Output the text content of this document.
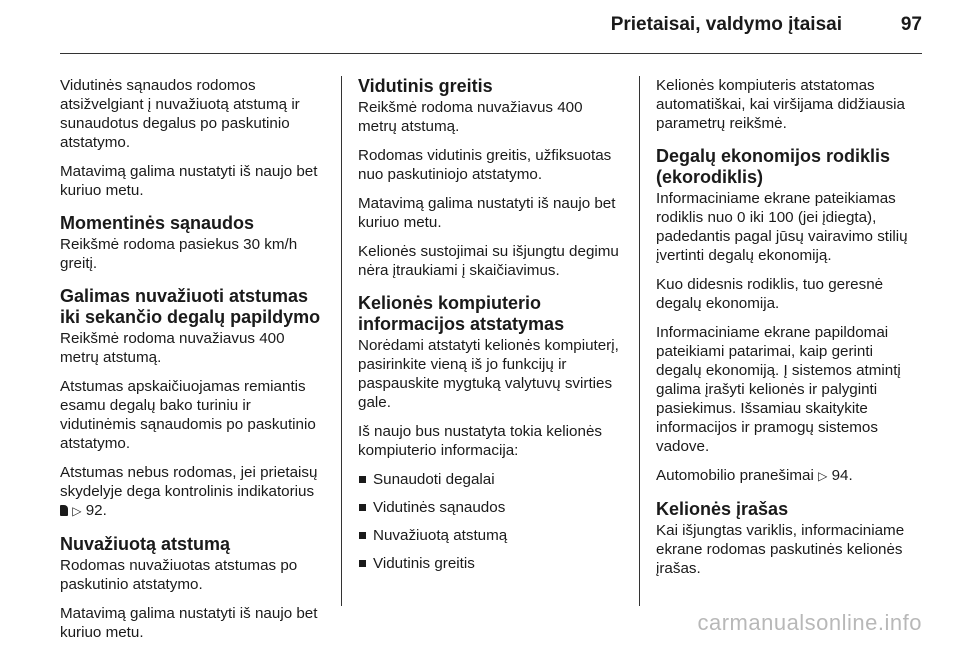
Prietaisai, valdymo įtaisai	97

Vidutinės sąnaudos rodomos atsižvelgiant į nuvažiuotą atstumą ir sunaudotus degalus po paskutinio atstatymo.

Matavimą galima nustatyti iš naujo bet kuriuo metu.

Momentinės sąnaudos

Reikšmė rodoma pasiekus 30 km/h greitį.

Galimas nuvažiuoti atstumas iki sekančio degalų papildymo

Reikšmė rodoma nuvažiavus 400 metrų atstumą.

Atstumas apskaičiuojamas remiantis esamu degalų bako turiniu ir vidutinėmis sąnaudomis po paskutinio atstatymo.

Atstumas nebus rodomas, jei prietaisų skydelyje dega kontrolinis indikatorius  ▷ 92.

Nuvažiuotą atstumą

Rodomas nuvažiuotas atstumas po paskutinio atstatymo.

Matavimą galima nustatyti iš naujo bet kuriuo metu.

Vidutinis greitis

Reikšmė rodoma nuvažiavus 400 metrų atstumą.

Rodomas vidutinis greitis, užfiksuotas nuo paskutiniojo atstatymo.

Matavimą galima nustatyti iš naujo bet kuriuo metu.

Kelionės sustojimai su išjungtu degimu nėra įtraukiami į skaičiavimus.

Kelionės kompiuterio informacijos atstatymas

Norėdami atstatyti kelionės kompiuterį, pasirinkite vieną iš jo funkcijų ir paspauskite mygtuką valytuvų svirties gale.

Iš naujo bus nustatyta tokia kelionės kompiuterio informacija:

Sunaudoti degalai
Vidutinės sąnaudos
Nuvažiuotą atstumą
Vidutinis greitis

Kelionės kompiuteris atstatomas automatiškai, kai viršijama didžiausia parametrų reikšmė.

Degalų ekonomijos rodiklis (ekorodiklis)

Informaciniame ekrane pateikiamas rodiklis nuo 0 iki 100 (jei įdiegta), padedantis pagal jūsų vairavimo stilių įvertinti degalų ekonomiją.

Kuo didesnis rodiklis, tuo geresnė degalų ekonomija.

Informaciniame ekrane papildomai pateikiami patarimai, kaip gerinti degalų ekonomiją. Į sistemos atmintį galima įrašyti kelionės ir palyginti pasiekimus. Išsamiau skaitykite informacijos ir pramogų sistemos vadove.

Automobilio pranešimai ▷ 94.

Kelionės įrašas

Kai išjungtas variklis, informaciniame ekrane rodomas paskutinės kelionės įrašas.

carmanualsonline.info
